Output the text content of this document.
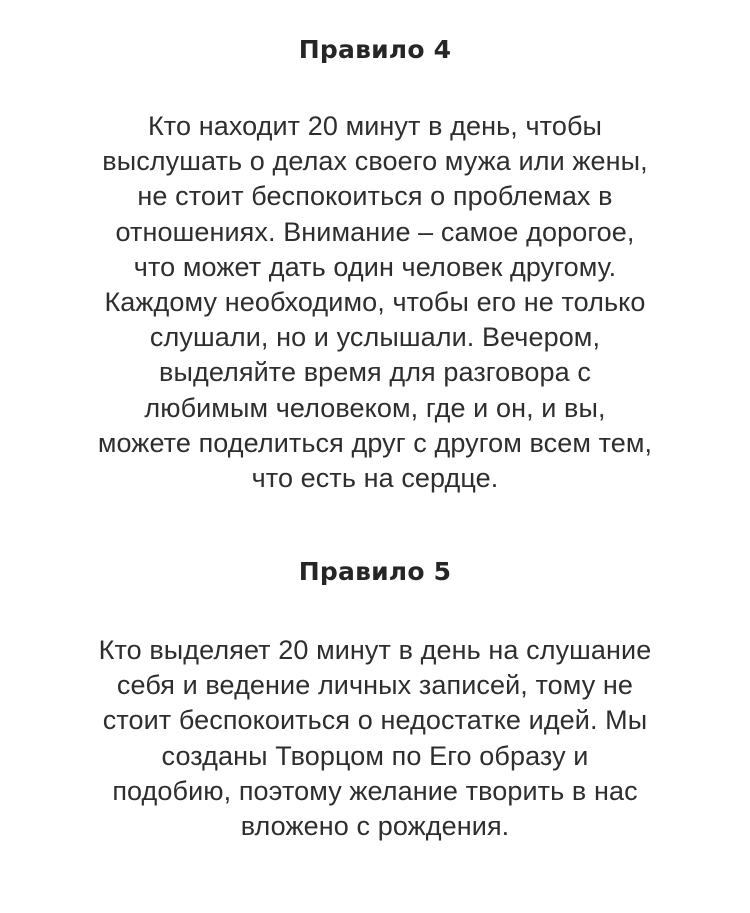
Правило 4

Кто находит 20 минут в день, чтобы
выслушать о делах своего мужа или жены,
не стоит беспокоиться о проблемах в
отношениях. Внимание – самое дорогое,
что может дать один человек другому.
Каждому необходимо, чтобы его не только
слушали, но и услышали. Вечером,
выделяйте время для разговора с
любимым человеком, где и он, и вы,
можете поделиться друг с другом всем тем,
что есть на сердце.

Правило 5

Кто выделяет 20 минут в день на слушание
себя и ведение личных записей, тому не
стоит беспокоиться о недостатке идей. Мы
созданы Творцом по Его образу и
подобию, поэтому желание творить в нас
вложено с рождения.
